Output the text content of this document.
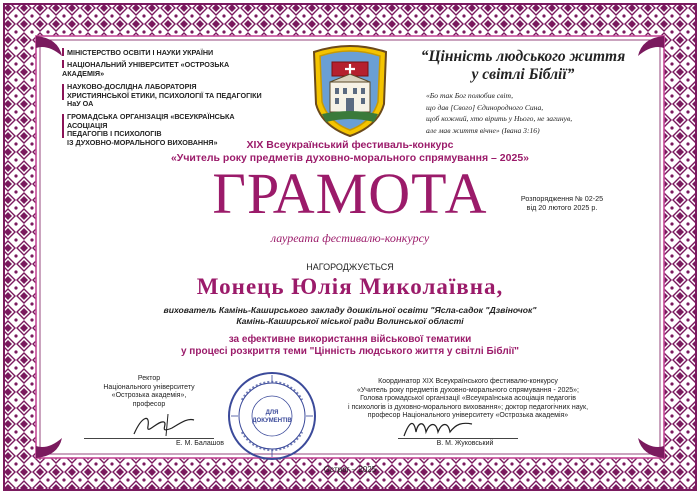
МІНІСТЕРСТВО ОСВІТИ І НАУКИ УКРАЇНИ
НАЦІОНАЛЬНИЙ УНІВЕРСИТЕТ «ОСТРОЗЬКА АКАДЕМІЯ»
НАУКОВО-ДОСЛІДНА ЛАБОРАТОРІЯ
ХРИСТИЯНСЬКОЇ ЕТИКИ, ПСИХОЛОГІЇ ТА ПЕДАГОГІКИ НаУ ОА
ГРОМАДСЬКА ОРГАНІЗАЦІЯ «ВСЕУКРАЇНСЬКА АСОЦІАЦІЯ
ПЕДАГОГІВ І ПСИХОЛОГІВ
ІЗ ДУХОВНО-МОРАЛЬНОГО ВИХОВАННЯ»
“Цінність людського життя
у світлі Біблії”
«Бо так Бог полюбив світ,
що дав [Свого] Єдинородного Сина,
щоб кожний, хто вірить у Нього, не загинув,
але мав життя вічне» (Івана 3:16)
ХІХ Всеукраїнський фестиваль-конкурс
«Учитель року предметів духовно-морального спрямування – 2025»
ГРАМОТА
лауреата фестивалю-конкурсу
Розпорядження № 02-25
від 20 лютого 2025 р.
НАГОРОДЖУЄТЬСЯ
Монець Юлія Миколаївна,
вихователь Камінь-Каширського закладу дошкільної освіти "Ясла-садок "Дзвіночок"
Камінь-Каширської міської ради Волинської області
за ефективне використання військової тематики
у процесі розкриття теми "Цінність людського життя у світлі Біблії"
Ректор
Національного університету
«Острозька академія»,
професор
Е. М. Балашов
ДЛЯ
ДОКУМЕНТІВ
Координатор ХІХ Всеукраїнського фестивалю-конкурсу
«Учитель року предметів духовно-морального спрямування - 2025»;
Голова громадської організації «Всеукраїнська асоціація педагогів
і психологів із духовно-морального виховання»; доктор педагогічних наук,
професор Національного університету «Острозька академія»
В. М. Жуковський
Острог – 2025
